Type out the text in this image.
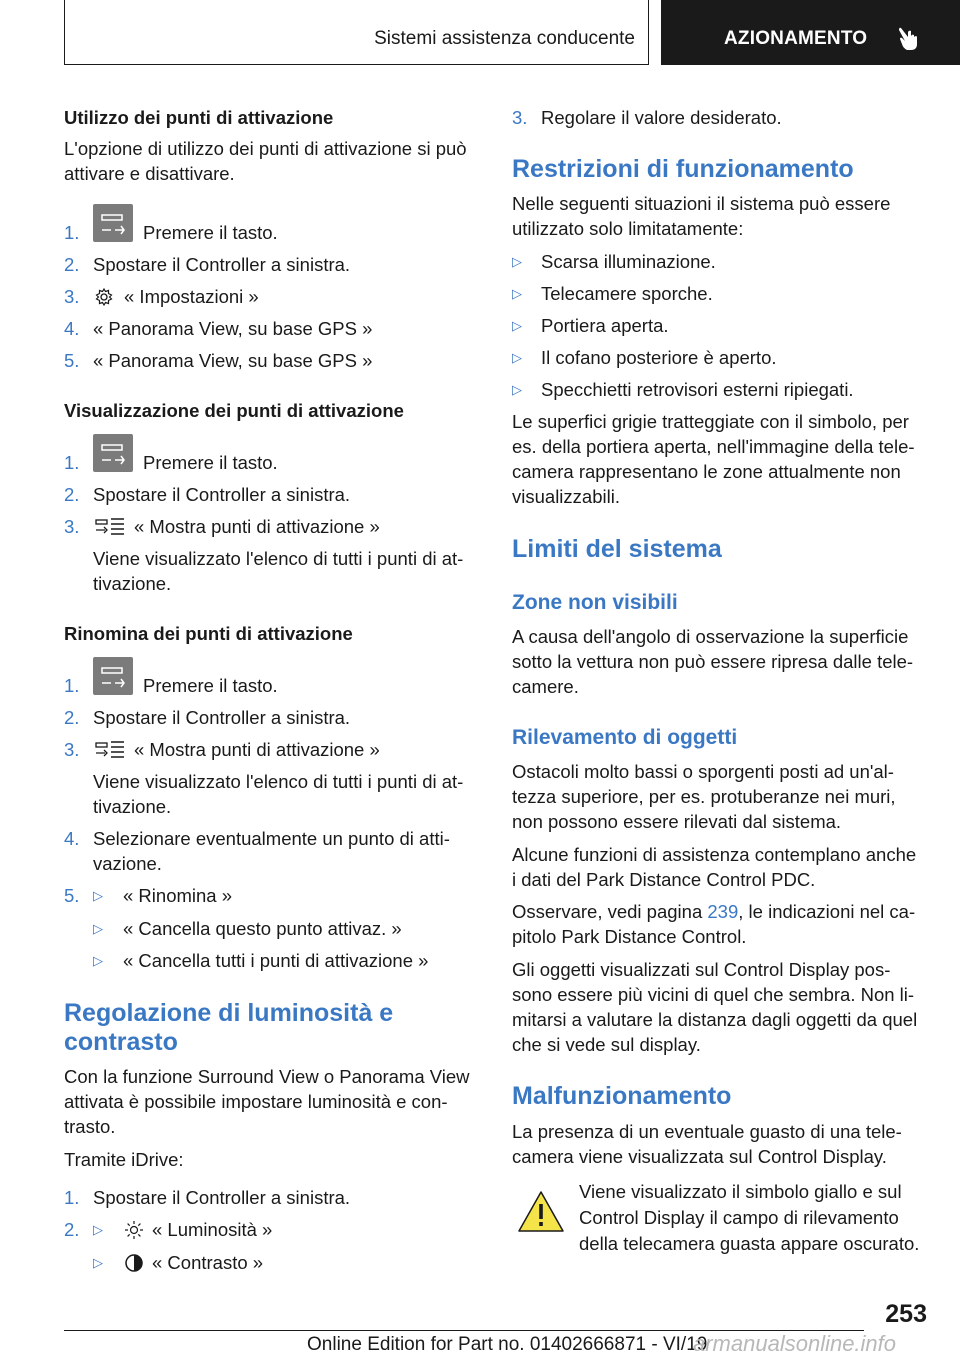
Sistemi assistenza conducente	AZIONAMENTO
Utilizzo dei punti di attivazione
L'opzione di utilizzo dei punti di attivazione si può
attivare e disattivare.
1.	Premere il tasto.
2. Spostare il Controller a sinistra.
3. « Impostazioni »
4. « Panorama View, su base GPS »
5. « Panorama View, su base GPS »
Visualizzazione dei punti di attivazione
1.	Premere il tasto.
2. Spostare il Controller a sinistra.
3.	« Mostra punti di attivazione »
Viene visualizzato l'elenco di tutti i punti di at-
tivazione.
Rinomina dei punti di attivazione
1.	Premere il tasto.
2. Spostare il Controller a sinistra.
3.	« Mostra punti di attivazione »
Viene visualizzato l'elenco di tutti i punti di at-
tivazione.
4. Selezionare eventualmente un punto di atti-
vazione.
5. ▷ « Rinomina »
▷ « Cancella questo punto attivaz. »
▷ « Cancella tutti i punti di attivazione »
Regolazione di luminosità e
contrasto
Con la funzione Surround View o Panorama View
attivata è possibile impostare luminosità e con-
trasto.
Tramite iDrive:
1. Spostare il Controller a sinistra.
2. ▷	« Luminosità »
▷	« Contrasto »
3. Regolare il valore desiderato.
Restrizioni di funzionamento
Nelle seguenti situazioni il sistema può essere
utilizzato solo limitatamente:
▷ Scarsa illuminazione.
▷ Telecamere sporche.
▷ Portiera aperta.
▷ Il cofano posteriore è aperto.
▷ Specchietti retrovisori esterni ripiegati.
Le superfici grigie tratteggiate con il simbolo, per
es. della portiera aperta, nell'immagine della tele-
camera rappresentano le zone attualmente non
visualizzabili.
Limiti del sistema
Zone non visibili
A causa dell'angolo di osservazione la superficie
sotto la vettura non può essere ripresa dalle tele-
camere.
Rilevamento di oggetti
Ostacoli molto bassi o sporgenti posti ad un'al-
tezza superiore, per es. protuberanze nei muri,
non possono essere rilevati dal sistema.
Alcune funzioni di assistenza contemplano anche
i dati del Park Distance Control PDC.
Osservare, vedi pagina 239, le indicazioni nel ca-
pitolo Park Distance Control.
Gli oggetti visualizzati sul Control Display pos-
sono essere più vicini di quel che sembra. Non li-
mitarsi a valutare la distanza dagli oggetti da quel
che si vede sul display.
Malfunzionamento
La presenza di un eventuale guasto di una tele-
camera viene visualizzata sul Control Display.
Viene visualizzato il simbolo giallo e sul
Control Display il campo di rilevamento
della telecamera guasta appare oscurato.
253
Online Edition for Part no. 01402666871 - VI/19
armanualsonline.info
